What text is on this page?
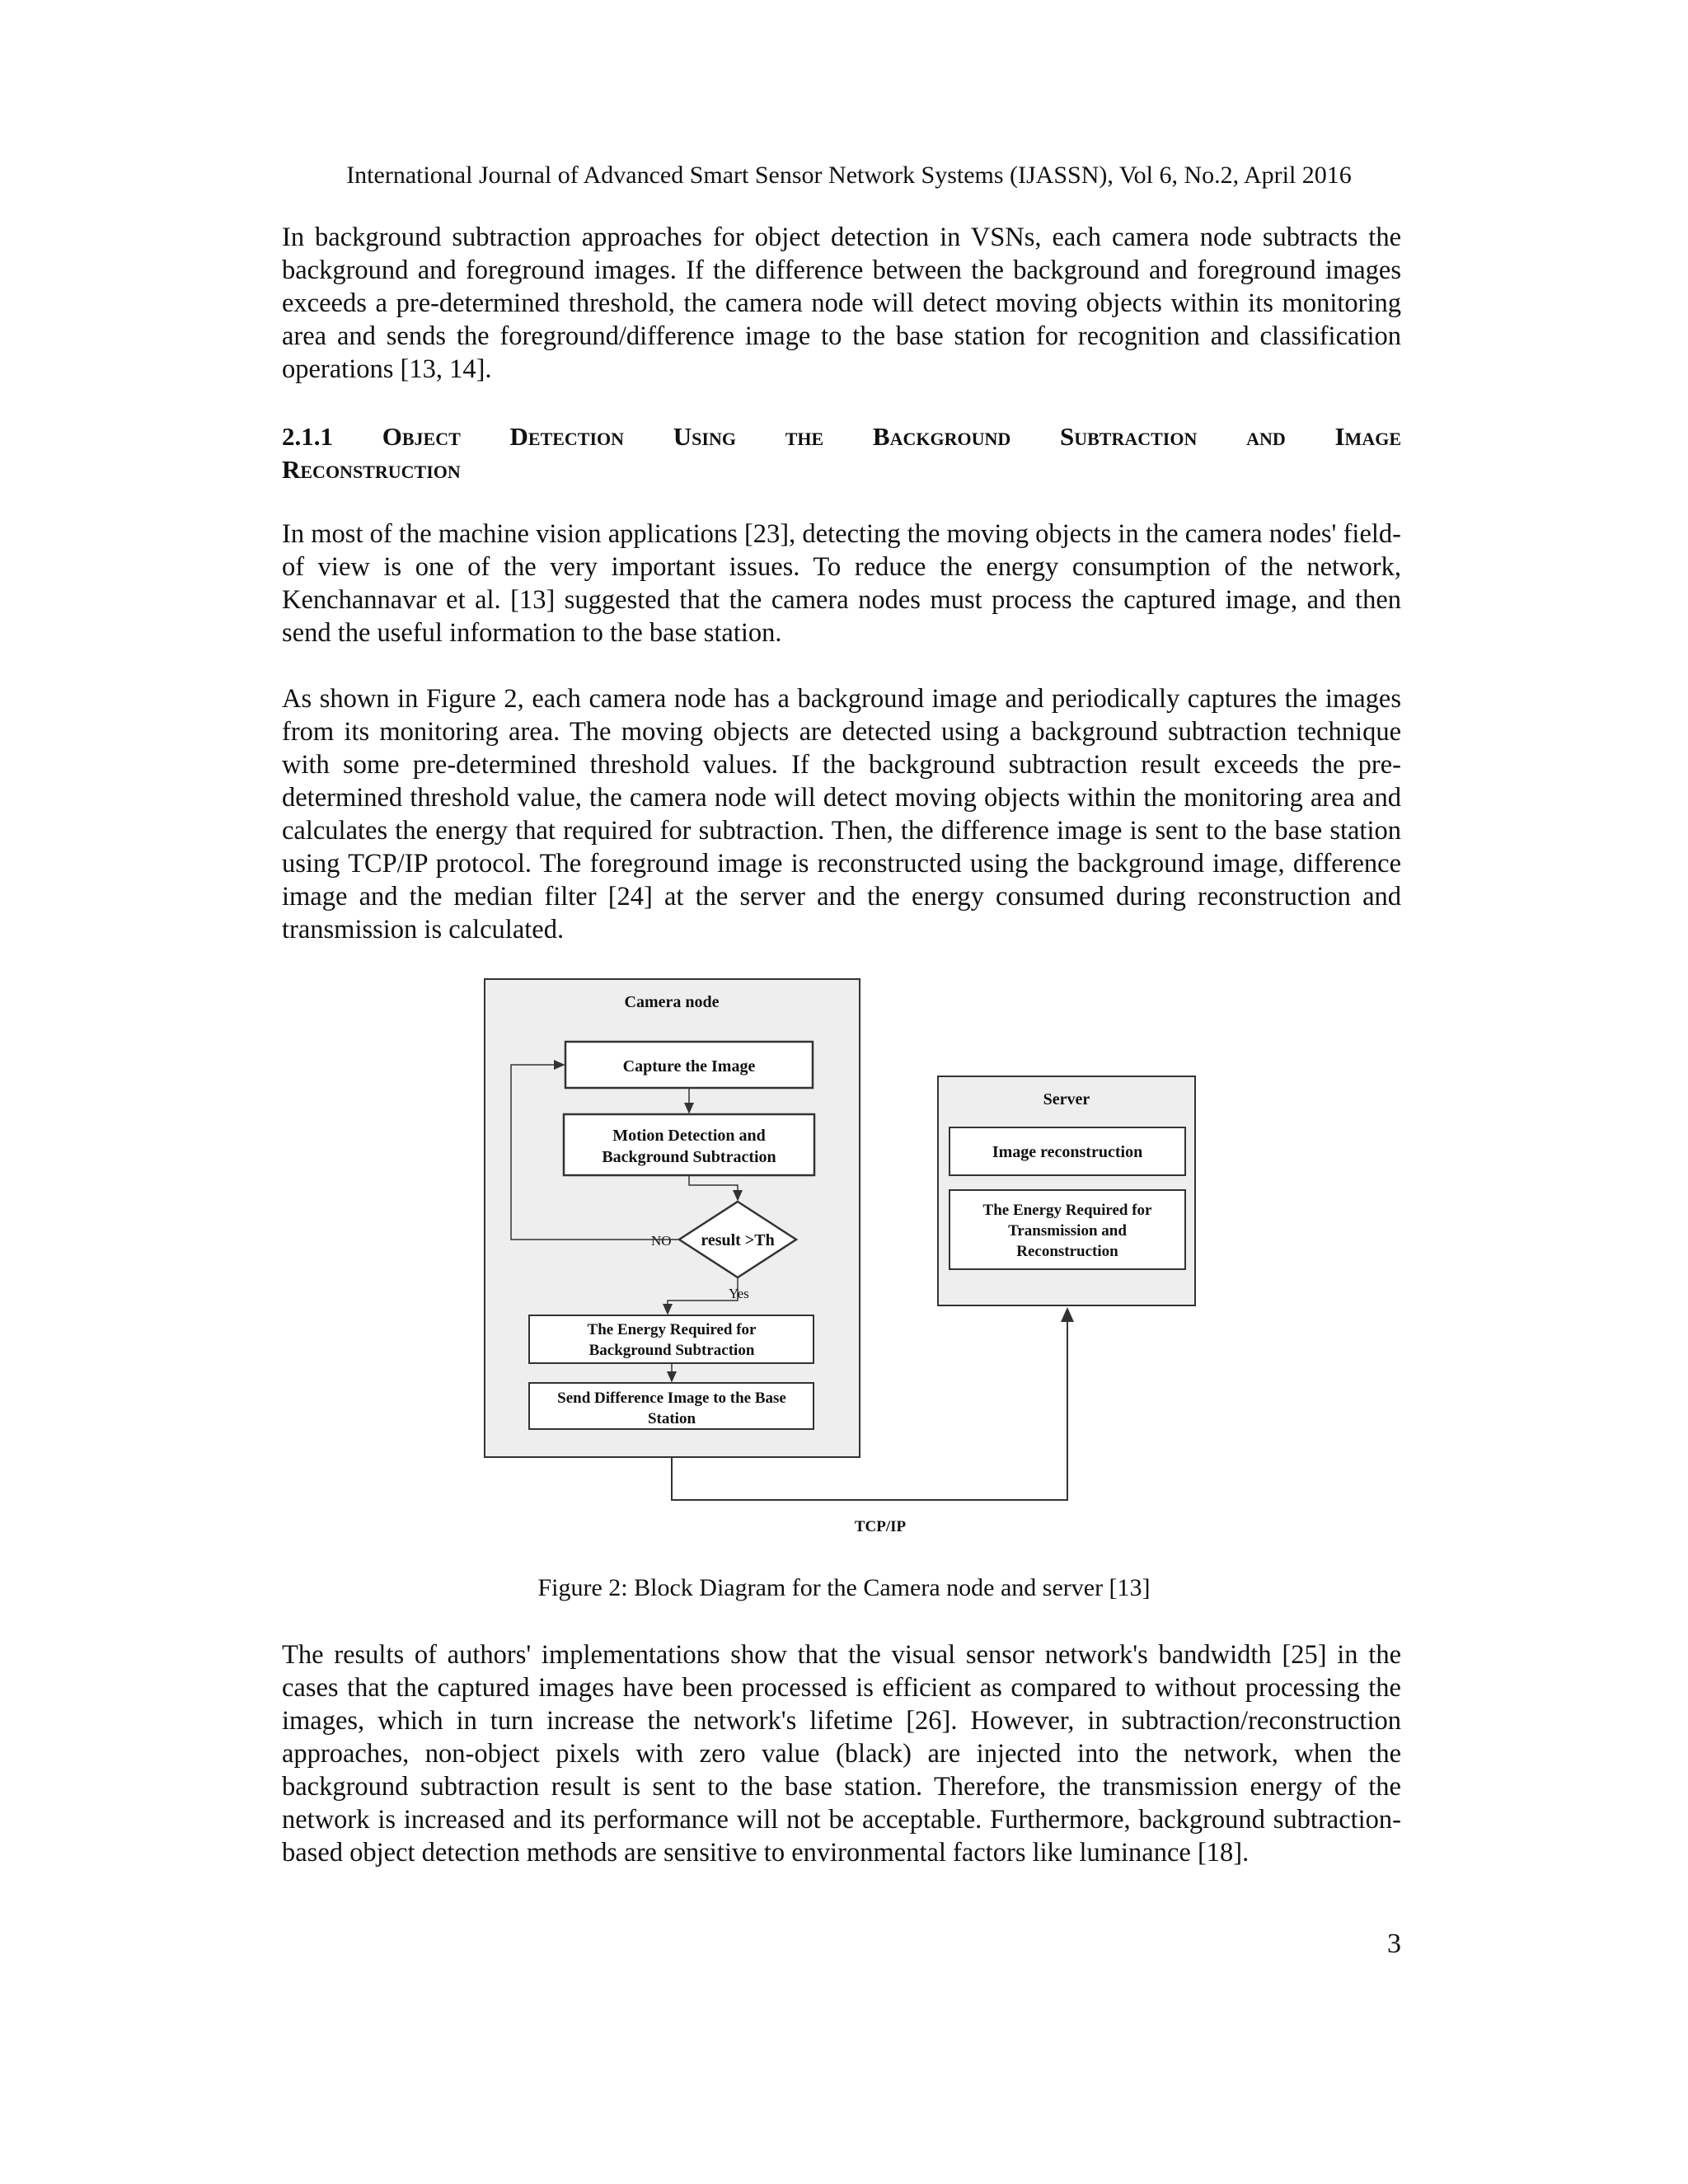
International Journal of Advanced Smart Sensor Network Systems (IJASSN), Vol 6, No.2, April 2016

In background subtraction approaches for object detection in VSNs, each camera node subtracts the background and foreground images. If the difference between the background and foreground images exceeds a pre-determined threshold, the camera node will detect moving objects within its monitoring area and sends the foreground/difference image to the base station for recognition and classification operations [13, 14].

2.1.1 Object Detection Using the Background Subtraction and Image

Reconstruction

In most of the machine vision applications [23], detecting the moving objects in the camera nodes' field-of view is one of the very important issues. To reduce the energy consumption of the network, Kenchannavar et al. [13] suggested that the camera nodes must process the captured image, and then send the useful information to the base station.

As shown in Figure 2, each camera node has a background image and periodically captures the images from its monitoring area. The moving objects are detected using a background subtraction technique with some pre-determined threshold values. If the background subtraction result exceeds the pre-determined threshold value, the camera node will detect moving objects within the monitoring area and calculates the energy that required for subtraction. Then, the difference image is sent to the base station using TCP/IP protocol. The foreground image is reconstructed using the background image, difference image and the median filter [24] at the server and the energy consumed during reconstruction and transmission is calculated.

Camera node
Capture the Image
Motion Detection and
Background Subtraction
result >Th
NO
Yes
The Energy Required for
Background Subtraction
Send Difference Image to the Base
Station
Server
Image reconstruction
The Energy Required for
Transmission and
Reconstruction
TCP/IP
Figure 2: Block Diagram for the Camera node and server [13]

The results of authors' implementations show that the visual sensor network's bandwidth [25] in the cases that the captured images have been processed is efficient as compared to without processing the images, which in turn increase the network's lifetime [26]. However, in subtraction/reconstruction approaches, non-object pixels with zero value (black) are injected into the network, when the background subtraction result is sent to the base station. Therefore, the transmission energy of the network is increased and its performance will not be acceptable. Furthermore, background subtraction-based object detection methods are sensitive to environmental factors like luminance [18].

3
